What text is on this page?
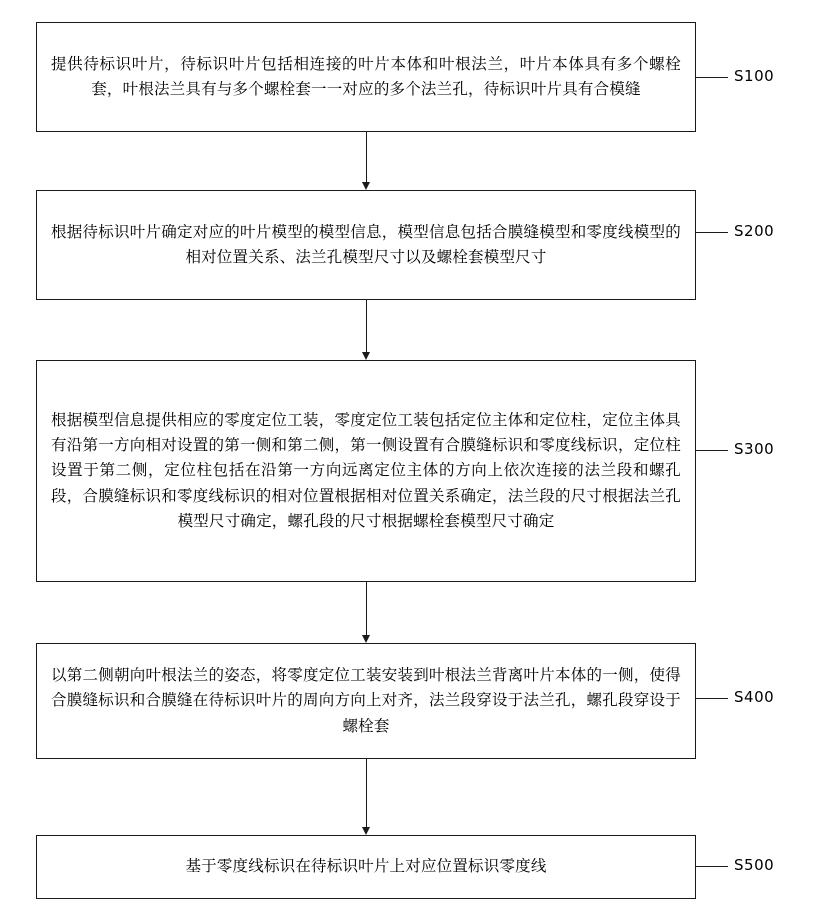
提供待标识叶片，待标识叶片包括相连接的叶片本体和叶根法兰，叶片本体具有多个螺栓套，叶根法兰具有与多个螺栓套一一对应的多个法兰孔，待标识叶片具有合模缝
S100
根据待标识叶片确定对应的叶片模型的模型信息，模型信息包括合膜缝模型和零度线模型的相对位置关系、法兰孔模型尺寸以及螺栓套模型尺寸
S200
根据模型信息提供相应的零度定位工装，零度定位工装包括定位主体和定位柱，定位主体具有沿第一方向相对设置的第一侧和第二侧，第一侧设置有合膜缝标识和零度线标识，定位柱设置于第二侧，定位柱包括在沿第一方向远离定位主体的方向上依次连接的法兰段和螺孔段，合膜缝标识和零度线标识的相对位置根据相对位置关系确定，法兰段的尺寸根据法兰孔模型尺寸确定，螺孔段的尺寸根据螺栓套模型尺寸确定
S300
以第二侧朝向叶根法兰的姿态，将零度定位工装安装到叶根法兰背离叶片本体的一侧，使得合膜缝标识和合膜缝在待标识叶片的周向方向上对齐，法兰段穿设于法兰孔，螺孔段穿设于螺栓套
S400
基于零度线标识在待标识叶片上对应位置标识零度线	S500
